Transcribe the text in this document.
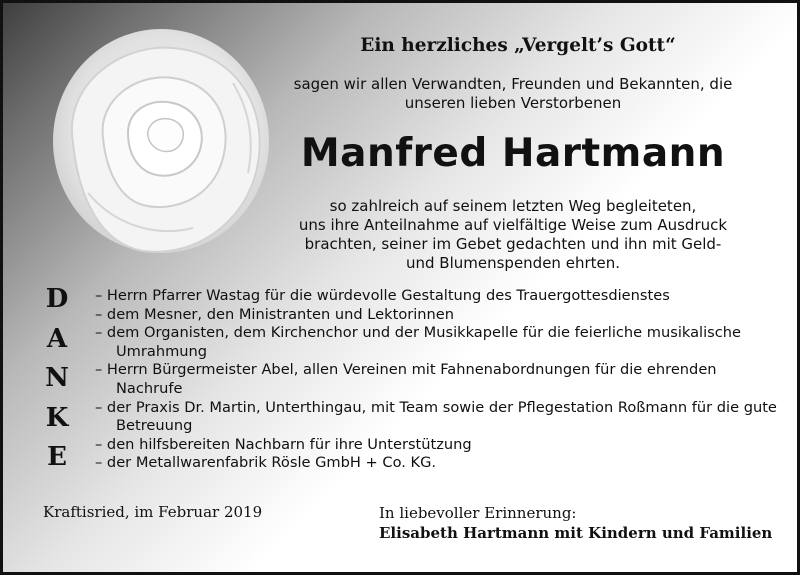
Ein herzliches „Vergelt’s Gott“
sagen wir allen Verwandten, Freunden und Bekannten, die
unseren lieben Verstorbenen
Manfred Hartmann
so zahlreich auf seinem letzten Weg begleiteten,
uns ihre Anteilnahme auf vielfältige Weise zum Ausdruck
brachten, seiner im Gebet gedachten und ihn mit Geld-
und Blumenspenden ehrten.
D
A
N
K
E
– Herrn Pfarrer Wastag für die würdevolle Gestaltung des Trauergottesdienstes
– dem Mesner, den Ministranten und Lektorinnen
– dem Organisten, dem Kirchenchor und der Musikkapelle für die feierliche musikalische Umrahmung
– Herrn Bürgermeister Abel, allen Vereinen mit Fahnenabordnungen für die ehrenden Nachrufe
– der Praxis Dr. Martin, Unterthingau, mit Team sowie der Pflegestation Roßmann für die gute Betreuung
– den hilfsbereiten Nachbarn für ihre Unterstützung
– der Metallwarenfabrik Rösle GmbH + Co. KG.
Kraftisried, im Februar 2019	In liebevoller Erinnerung:
Elisabeth Hartmann mit Kindern und Familien
